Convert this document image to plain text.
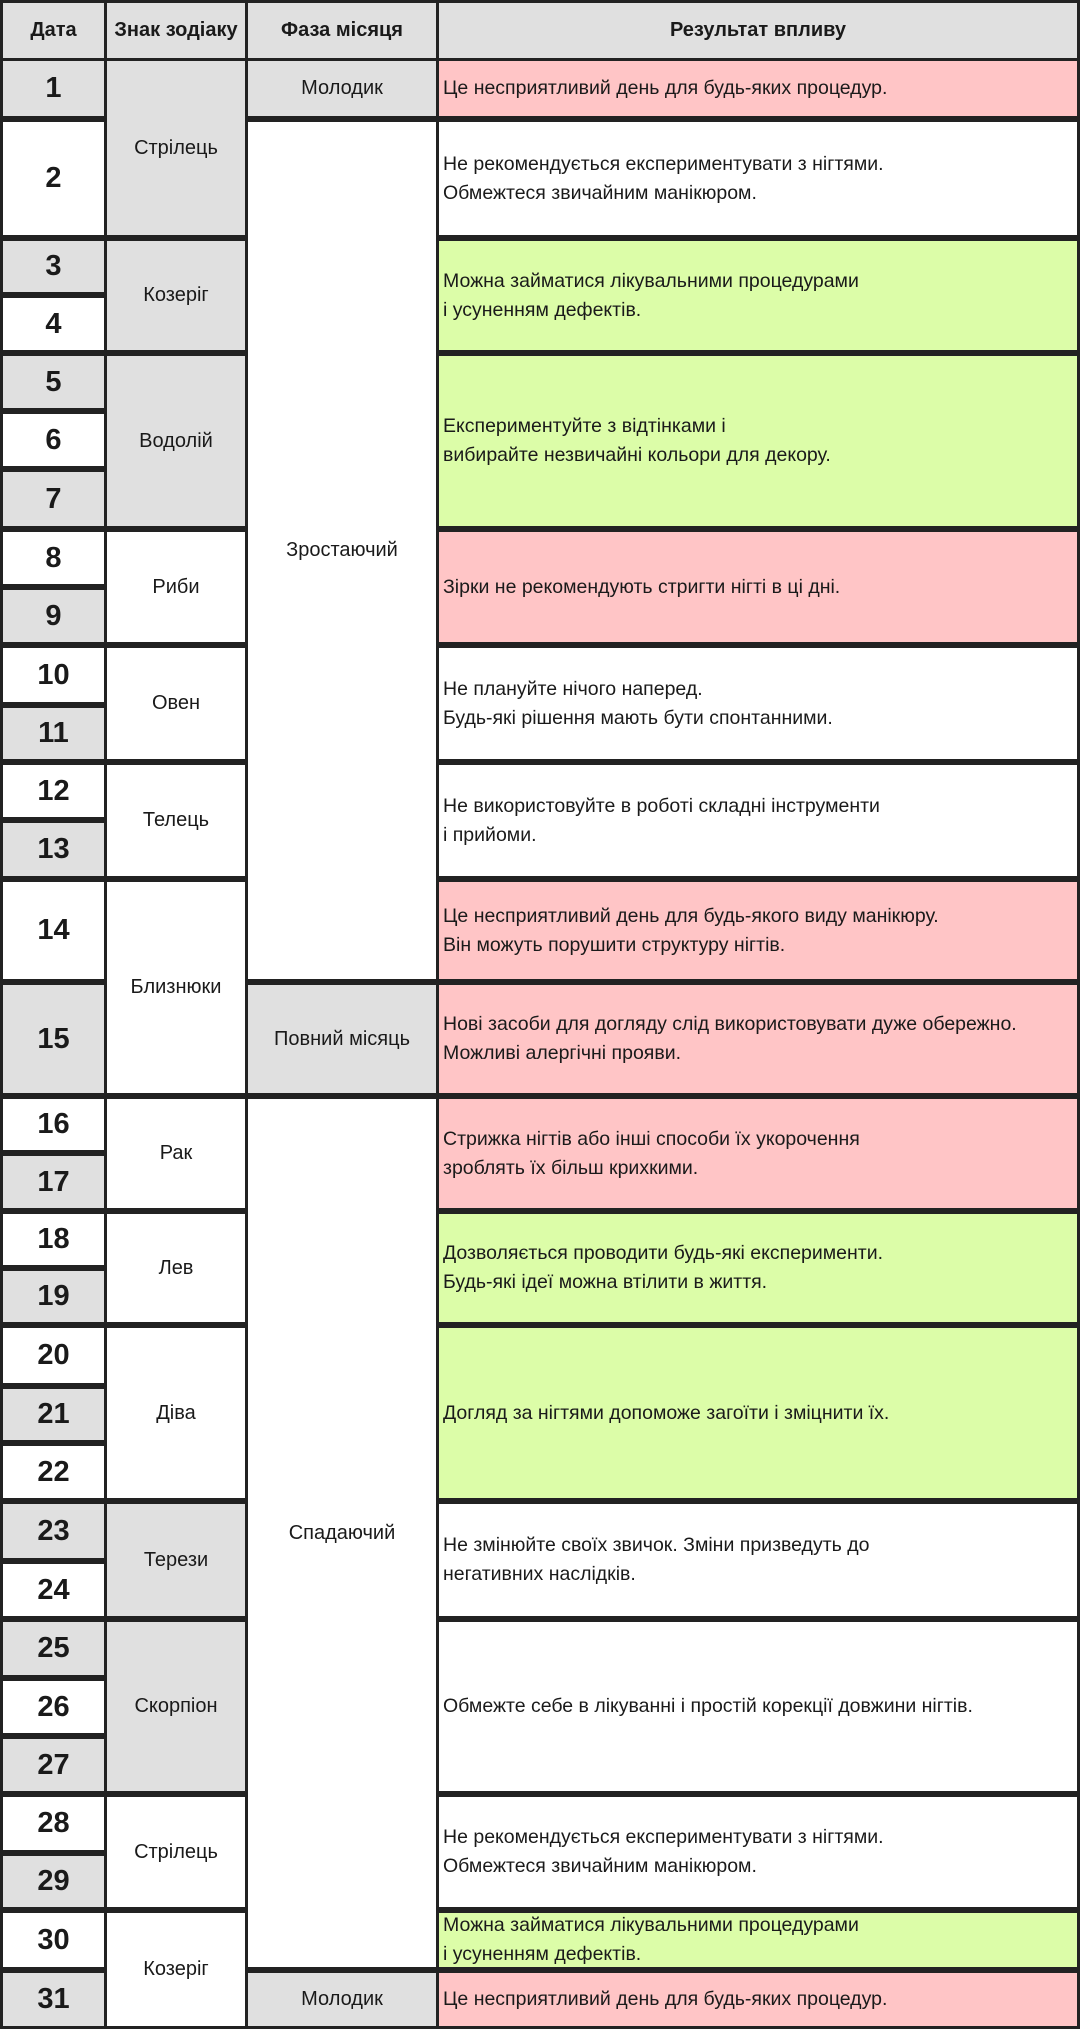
Дата Знак зодіаку Фаза місяця	Результат впливу
1
2
3
4
5
6
7
8
9
10
11
12
13
14
15
16
17
18
19
20
21
22
23
24
25
26
27
28
29
30
31
Стрілець
Козеріг
Водолій
Риби
Овен
Телець
Близнюки
Рак
Лев
Діва
Терези
Скорпіон
Стрілець
Козеріг
Молодик
Зростаючий
Повний місяць
Спадаючий
Молодик
Це несприятливий день для будь-яких процедур.
Не рекомендується експериментувати з нігтями.
Обмежтеся звичайним манікюром.
Можна займатися лікувальними процедурами
і усуненням дефектів.
Експериментуйте з відтінками і
вибирайте незвичайні кольори для декору.
Зірки не рекомендують стригти нігті в ці дні.
Не плануйте нічого наперед.
Будь-які рішення мають бути спонтанними.
Не використовуйте в роботі складні інструменти
і прийоми.
Це несприятливий день для будь-якого виду манікюру.
Він можуть порушити структуру нігтів.
Нові засоби для догляду слід використовувати дуже обережно.
Можливі алергічні прояви.
Стрижка нігтів або інші способи їх укорочення
зроблять їх більш крихкими.
Дозволяється проводити будь-які експерименти.
Будь-які ідеї можна втілити в життя.
Догляд за нігтями допоможе загоїти і зміцнити їх.
Не змінюйте своїх звичок. Зміни призведуть до
негативних наслідків.
Обмежте себе в лікуванні і простій корекції довжини нігтів.
Не рекомендується експериментувати з нігтями.
Обмежтеся звичайним манікюром.
Можна займатися лікувальними процедурами
і усуненням дефектів.
Це несприятливий день для будь-яких процедур.
